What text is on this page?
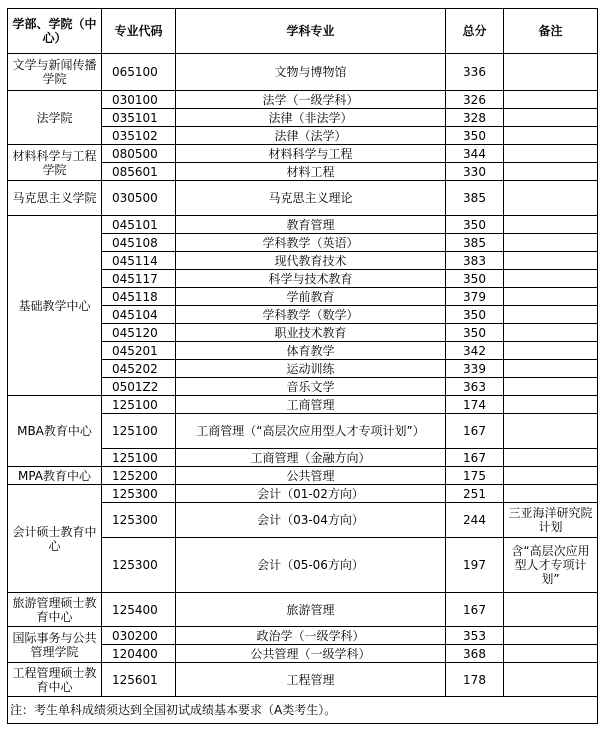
学部、学院（中心）	专业代码	学科专业	总分	备注
文学与新闻传播学院	065100	文物与博物馆	336	
法学院	030100	法学（一级学科）	326	
	035101	法律（非法学）	328	
	035102	法律（法学）	350	
材料科学与工程学院	080500	材料科学与工程	344	
	085601	材料工程	330	
马克思主义学院	030500	马克思主义理论	385	
基础教学中心	045101	教育管理	350	
	045108	学科教学（英语）	385	
	045114	现代教育技术	383	
	045117	科学与技术教育	350	
	045118	学前教育	379	
	045104	学科教学（数学）	350	
	045120	职业技术教育	350	
	045201	体育教学	342	
	045202	运动训练	339	
	0501Z2	音乐文学	363	
MBA教育中心	125100	工商管理	174	
	125100	工商管理（“高层次应用型人才专项计划”）	167	
	125100	工商管理（金融方向）	167	
MPA教育中心	125200	公共管理	175	
会计硕士教育中心	125300	会计（01-02方向）	251	
	125300	会计（03-04方向）	244	三亚海洋研究院计划
	125300	会计（05-06方向）	197	含“高层次应用型人才专项计划”
旅游管理硕士教育中心	125400	旅游管理	167	
国际事务与公共管理学院	030200	政治学（一级学科）	353	
	120400	公共管理（一级学科）	368	
工程管理硕士教育中心	125601	工程管理	178	
注：考生单科成绩须达到全国初试成绩基本要求（A类考生）。				
